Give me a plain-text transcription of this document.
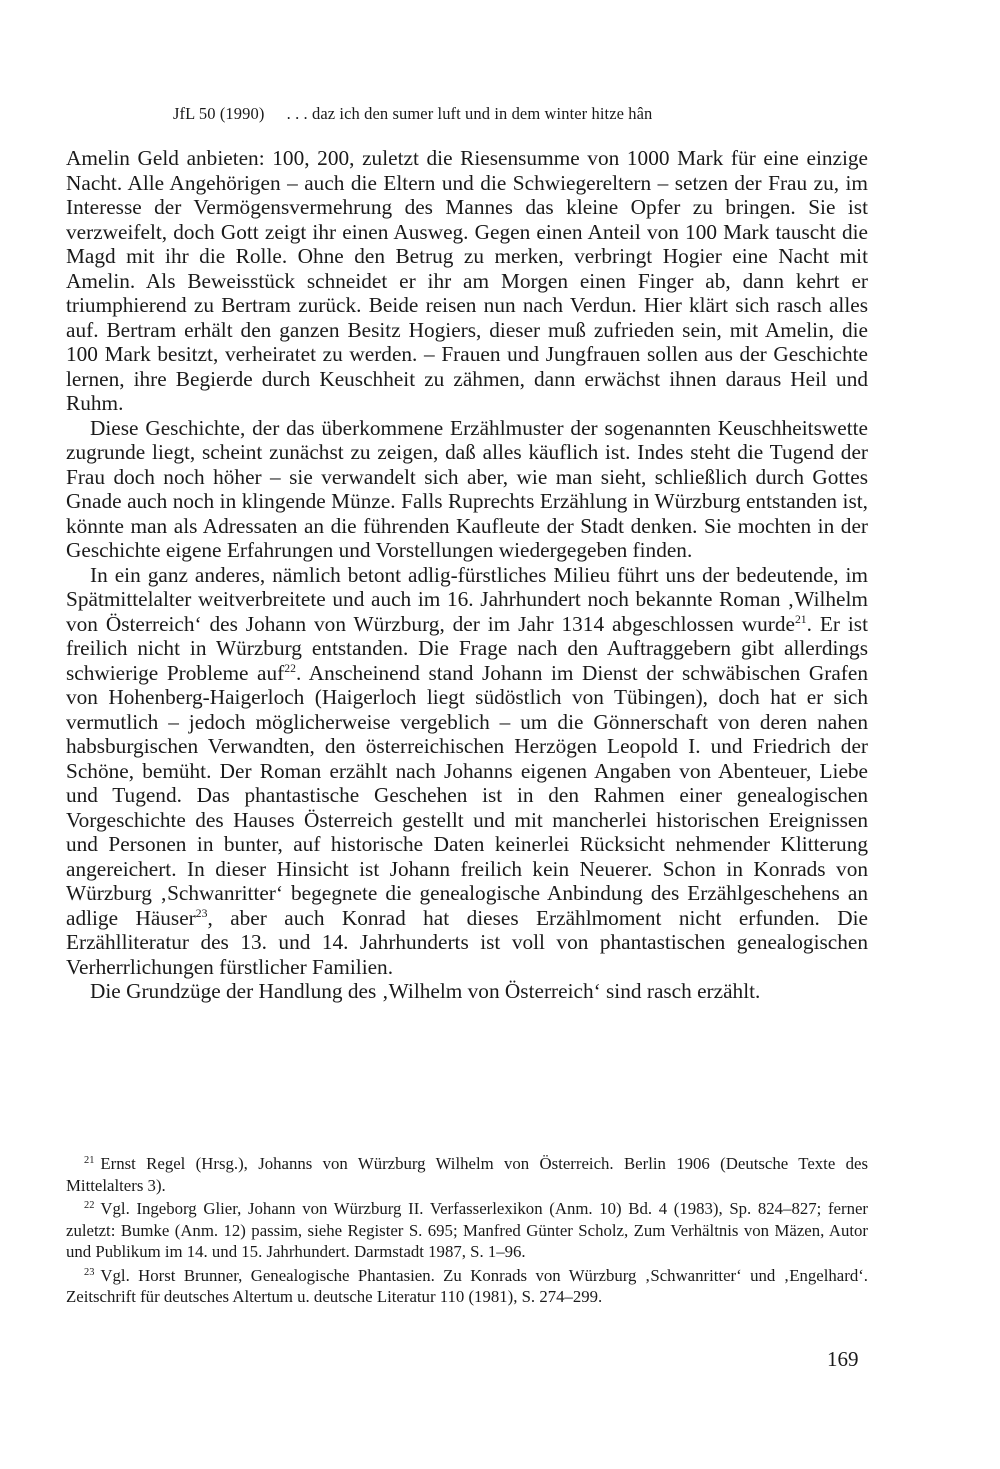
JfL 50 (1990) . . . daz ich den sumer luft und in dem winter hitze hân

Amelin Geld anbieten: 100, 200, zuletzt die Riesensumme von 1000 Mark für eine einzige Nacht. Alle Angehörigen – auch die Eltern und die Schwiegereltern – setzen der Frau zu, im Interesse der Vermögensvermehrung des Mannes das kleine Opfer zu bringen. Sie ist verzweifelt, doch Gott zeigt ihr einen Ausweg. Gegen einen Anteil von 100 Mark tauscht die Magd mit ihr die Rolle. Ohne den Betrug zu merken, verbringt Hogier eine Nacht mit Amelin. Als Beweisstück schneidet er ihr am Morgen einen Finger ab, dann kehrt er triumphierend zu Bertram zurück. Beide reisen nun nach Verdun. Hier klärt sich rasch alles auf. Bertram erhält den ganzen Besitz Hogiers, dieser muß zufrieden sein, mit Amelin, die 100 Mark besitzt, verheiratet zu werden. – Frauen und Jungfrauen sollen aus der Geschichte lernen, ihre Begierde durch Keuschheit zu zähmen, dann erwächst ihnen daraus Heil und Ruhm.

Diese Geschichte, der das überkommene Erzählmuster der sogenannten Keuschheitswette zugrunde liegt, scheint zunächst zu zeigen, daß alles käuflich ist. Indes steht die Tugend der Frau doch noch höher – sie verwandelt sich aber, wie man sieht, schließlich durch Gottes Gnade auch noch in klingende Münze. Falls Ruprechts Erzählung in Würzburg entstanden ist, könnte man als Adressaten an die führenden Kaufleute der Stadt denken. Sie mochten in der Geschichte eigene Erfahrungen und Vorstellungen wiedergegeben finden.

In ein ganz anderes, nämlich betont adlig-fürstliches Milieu führt uns der bedeutende, im Spätmittelalter weitverbreitete und auch im 16. Jahrhundert noch bekannte Roman ‚Wilhelm von Österreich‘ des Johann von Würzburg, der im Jahr 1314 abgeschlossen wurde$^{21}$. Er ist freilich nicht in Würzburg entstanden. Die Frage nach den Auftraggebern gibt allerdings schwierige Probleme auf$^{22}$. Anscheinend stand Johann im Dienst der schwäbischen Grafen von Hohenberg-Haigerloch (Haigerloch liegt südöstlich von Tübingen), doch hat er sich vermutlich – jedoch möglicherweise vergeblich – um die Gönnerschaft von deren nahen habsburgischen Verwandten, den österreichischen Herzögen Leopold I. und Friedrich der Schöne, bemüht. Der Roman erzählt nach Johanns eigenen Angaben von Abenteuer, Liebe und Tugend. Das phantastische Geschehen ist in den Rahmen einer genealogischen Vorgeschichte des Hauses Österreich gestellt und mit mancherlei historischen Ereignissen und Personen in bunter, auf historische Daten keinerlei Rücksicht nehmender Klitterung angereichert. In dieser Hinsicht ist Johann freilich kein Neuerer. Schon in Konrads von Würzburg ‚Schwanritter‘ begegnete die genealogische Anbindung des Erzählgeschehens an adlige Häuser$^{23}$, aber auch Konrad hat dieses Erzählmoment nicht erfunden. Die Erzählliteratur des 13. und 14. Jahrhunderts ist voll von phantastischen genealogischen Verherrlichungen fürstlicher Familien.

Die Grundzüge der Handlung des ‚Wilhelm von Österreich‘ sind rasch erzählt.

$^{21}$ Ernst Regel (Hrsg.), Johanns von Würzburg Wilhelm von Österreich. Berlin 1906 (Deutsche Texte des Mittelalters 3).
$^{22}$ Vgl. Ingeborg Glier, Johann von Würzburg II. Verfasserlexikon (Anm. 10) Bd. 4 (1983), Sp. 824–827; ferner zuletzt: Bumke (Anm. 12) passim, siehe Register S. 695; Manfred Günter Scholz, Zum Verhältnis von Mäzen, Autor und Publikum im 14. und 15. Jahrhundert. Darmstadt 1987, S. 1–96.
$^{23}$ Vgl. Horst Brunner, Genealogische Phantasien. Zu Konrads von Würzburg ‚Schwanritter‘ und ‚Engelhard‘. Zeitschrift für deutsches Altertum u. deutsche Literatur 110 (1981), S. 274–299.
169
